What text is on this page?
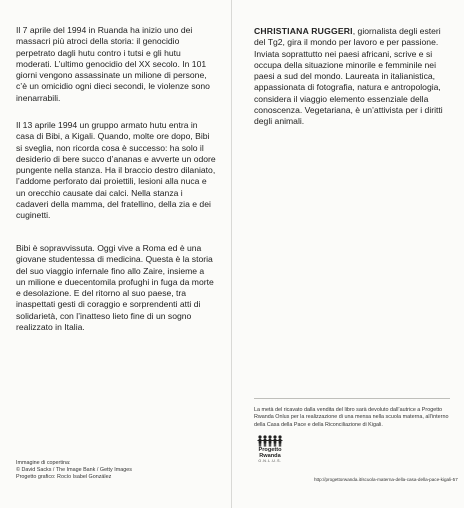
Il 7 aprile del 1994 in Ruanda ha inizio uno dei massacri più atroci della storia: il genocidio perpetrato dagli hutu contro i tutsi e gli hutu moderati. L’ultimo genocidio del XX secolo. In 101 giorni vengono assassinate un milione di persone, c’è un omicidio ogni dieci secondi, le violenze sono inenarrabili.

Il 13 aprile 1994 un gruppo armato hutu entra in casa di Bibi, a Kigali. Quando, molte ore dopo, Bibi si sveglia, non ricorda cosa è successo: ha solo il desiderio di bere succo d’ananas e avverte un odore pungente nella stanza. Ha il braccio destro dilaniato, l’addome perforato dai proiettili, lesioni alla nuca e un orecchio causate dai calci. Nella stanza i cadaveri della mamma, del fratellino, della zia e dei cuginetti.

Bibi è sopravvissuta. Oggi vive a Roma ed è una giovane studentessa di medicina. Questa è la storia del suo viaggio infernale fino allo Zaire, insieme a un milione e duecentomila profughi in fuga da morte e desolazione. E del ritorno al suo paese, tra inaspettati gesti di coraggio e sorprendenti atti di solidarietà, con l’inatteso lieto fine di un sogno realizzato in Italia.

Immagine di copertina:
© David Sacks / The Image Bank / Getty Images
Progetto grafico: Rocío Isabel González

CHRISTIANA RUGGERI, giornalista degli esteri del Tg2, gira il mondo per lavoro e per passione. Inviata soprattutto nei paesi africani, scrive e si occupa della situazione minorile e femminile nei paesi a sud del mondo. Laureata in italianistica, appassionata di fotografia, natura e antropologia, considera il viaggio elemento essenziale della conoscenza. Vegetariana, è un’attivista per i diritti degli animali.

La metà del ricavato dalla vendita del libro sarà devoluto dall’autrice a Progetto Rwanda Onlus per la realizzazione di una mensa nella scuola materna, all’interno della Casa della Pace e della Riconciliazione di Kigali.
Progetto
Rwanda
O.N.L.U.S.
http://progettorwanda.it/scuola-materna-della-casa-della-pace-kigali-57
